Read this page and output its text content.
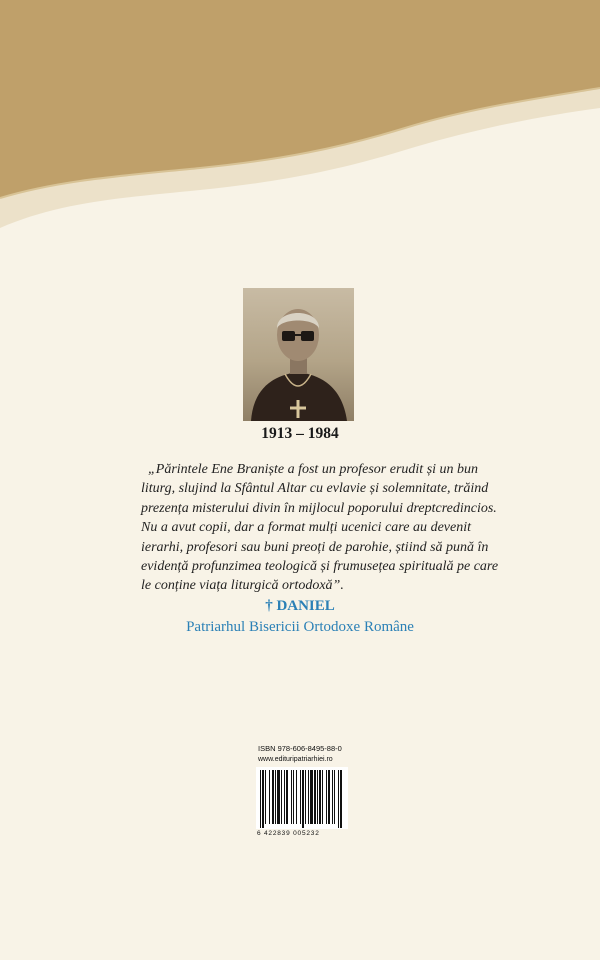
1913 – 1984
„Părintele Ene Braniște a fost un profesor erudit și un bun
liturg, slujind la Sfântul Altar cu evlavie și solemnitate, trăind
prezența misterului divin în mijlocul poporului dreptcredincios.
Nu a avut copii, dar a format mulți ucenici care au devenit
ierarhi, profesori sau buni preoți de parohie, știind să pună în
evidență profunzimea teologică și frumusețea spirituală pe care
le conține viața liturgică ortodoxă”.
† DANIEL
Patriarhul Bisericii Ortodoxe Române
ISBN 978-606-8495-88-0
www.edituripatriarhiei.ro
6 422839 005232
